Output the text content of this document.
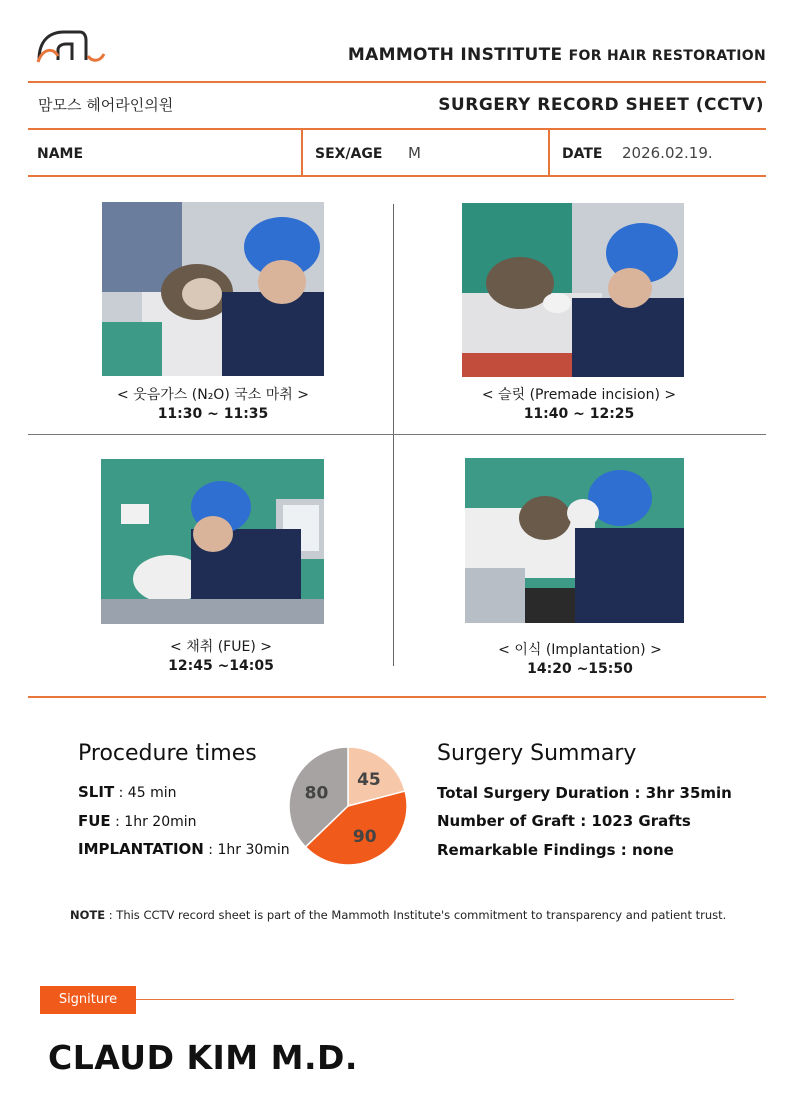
MAMMOTH INSTITUTE FOR HAIR RESTORATION
맘모스 헤어라인의원	SURGERY RECORD SHEET (CCTV)
NAME	SEX/AGE M	DATE 2026.02.19.
< 웃음가스 (N₂O) 국소 마취 >
11:30 ~ 11:35
< 슬릿 (Premade incision) >
11:40 ~ 12:25
< 채취 (FUE) >
12:45 ~14:05
< 이식 (Implantation) >
14:20 ~15:50
Procedure times
SLIT : 45 min
FUE : 1hr 20min
IMPLANTATION : 1hr 30min
45
90
80
Surgery Summary
Total Surgery Duration : 3hr 35min
Number of Graft : 1023 Grafts
Remarkable Findings : none
NOTE : This CCTV record sheet is part of the Mammoth Institute's commitment to transparency and patient trust.
Signiture
CLAUD KIM M.D.
